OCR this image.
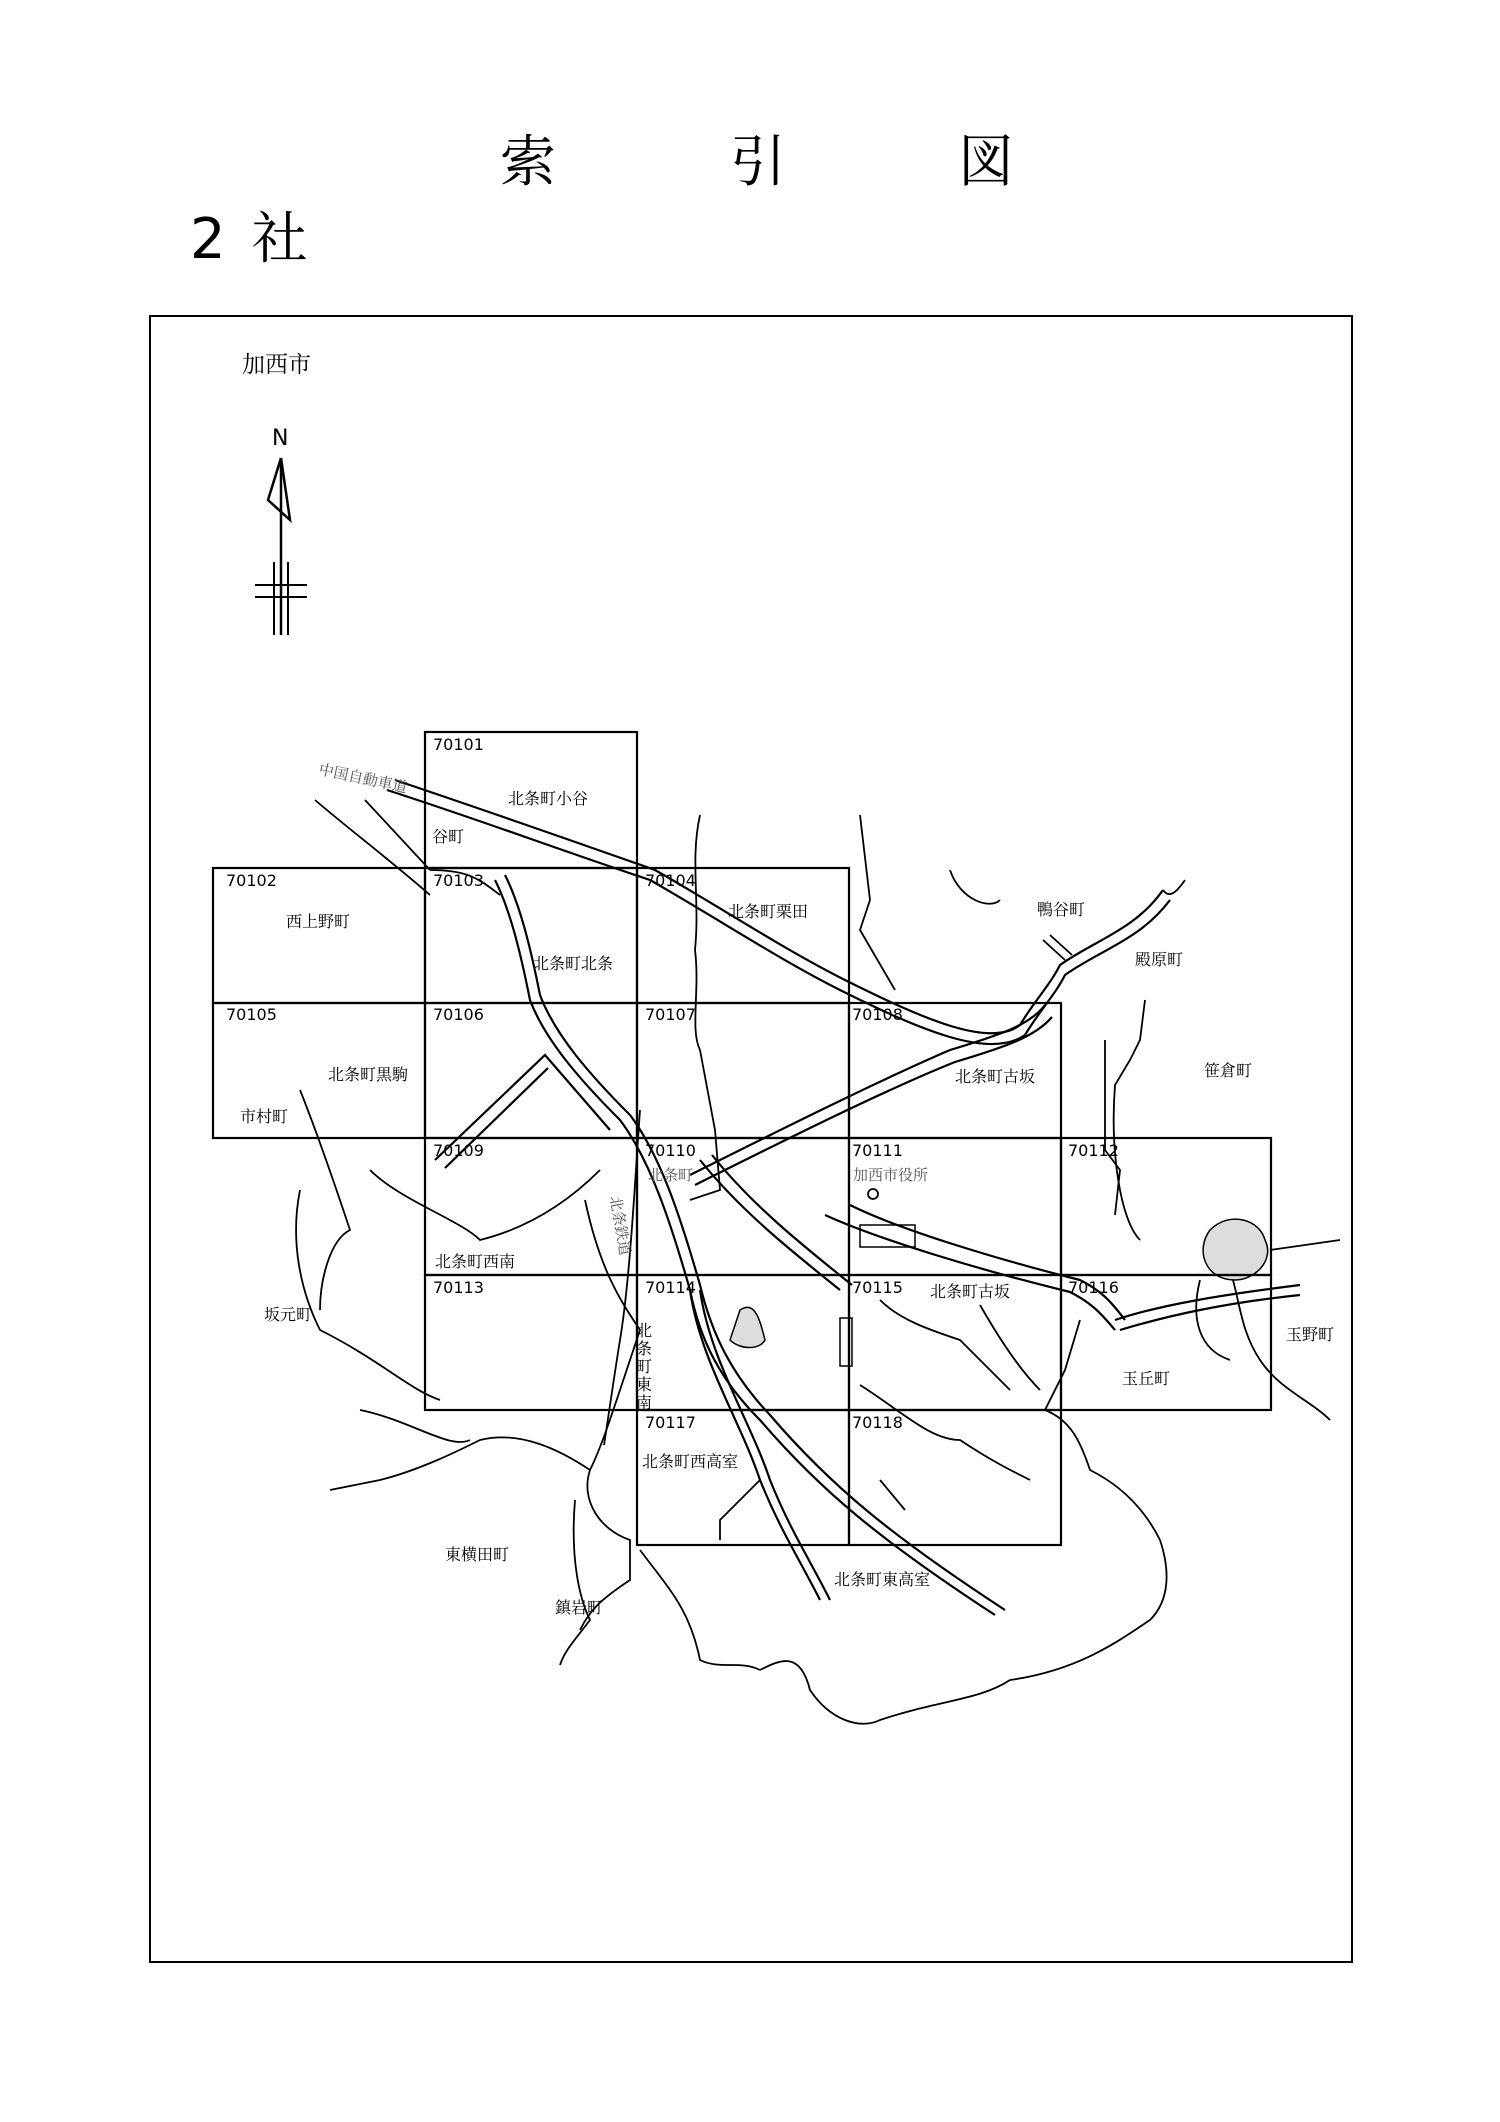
索	引	図
2社
加西市
N
70101
70102	70103	70104
70105	70106	70107	70108
70109	70110	70111	70112
70113	70114	70115	70116
70117	70118
北条町小谷
谷町
西上野町
北条町北条
北条町栗田	鴨谷町
殿原町
北条町黒駒
市村町
北条町古坂	笹倉町
北条町西南
坂元町
北条町古坂
玉丘町
玉野町
北条町西高室
東横田町
鎮岩町
北条町東高室
北条町東南
中国自動車道
北条鉄道
北条町	加西市役所
